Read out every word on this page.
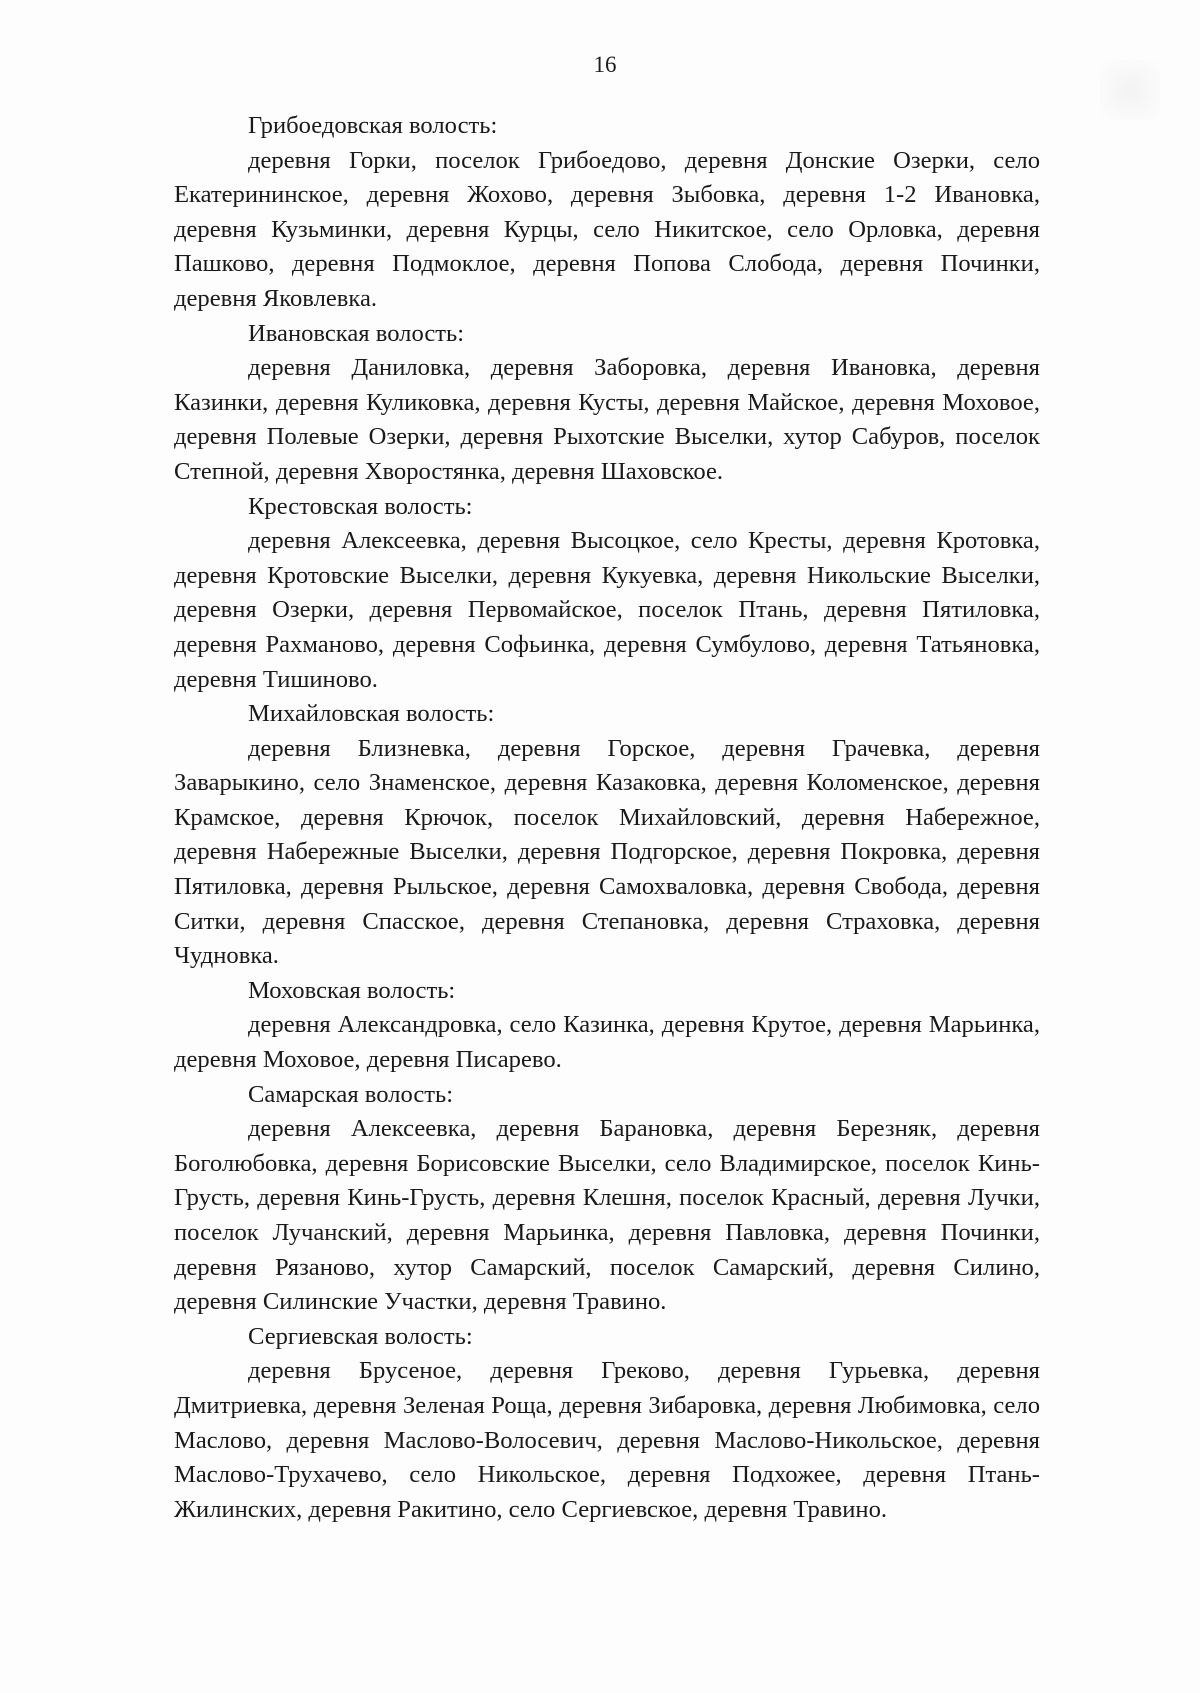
16

Грибоедовская волость:

деревня Горки, поселок Грибоедово, деревня Донские Озерки, село Екатерининское, деревня Жохово, деревня Зыбовка, деревня 1-2 Ивановка, деревня Кузьминки, деревня Курцы, село Никитское, село Орловка, деревня Пашково, деревня Подмоклое, деревня Попова Слобода, деревня Починки, деревня Яковлевка.

Ивановская волость:

деревня Даниловка, деревня Заборовка, деревня Ивановка, деревня Казинки, деревня Куликовка, деревня Кусты, деревня Майское, деревня Моховое, деревня Полевые Озерки, деревня Рыхотские Выселки, хутор Сабуров, поселок Степной, деревня Хворостянка, деревня Шаховское.

Крестовская волость:

деревня Алексеевка, деревня Высоцкое, село Кресты, деревня Кротовка, деревня Кротовские Выселки, деревня Кукуевка, деревня Никольские Выселки, деревня Озерки, деревня Первомайское, поселок Птань, деревня Пятиловка, деревня Рахманово, деревня Софьинка, деревня Сумбулово, деревня Татьяновка, деревня Тишиново.

Михайловская волость:

деревня Близневка, деревня Горское, деревня Грачевка, деревня Заварыкино, село Знаменское, деревня Казаковка, деревня Коломенское, деревня Крамское, деревня Крючок, поселок Михайловский, деревня Набережное, деревня Набережные Выселки, деревня Подгорское, деревня Покровка, деревня Пятиловка, деревня Рыльское, деревня Самохваловка, деревня Свобода, деревня Ситки, деревня Спасское, деревня Степановка, деревня Страховка, деревня Чудновка.

Моховская волость:

деревня Александровка, село Казинка, деревня Крутое, деревня Марьинка, деревня Моховое, деревня Писарево.

Самарская волость:

деревня Алексеевка, деревня Барановка, деревня Березняк, деревня Боголюбовка, деревня Борисовские Выселки, село Владимирское, поселок Кинь-Грусть, деревня Кинь-Грусть, деревня Клешня, поселок Красный, деревня Лучки, поселок Лучанский, деревня Марьинка, деревня Павловка, деревня Починки, деревня Рязаново, хутор Самарский, поселок Самарский, деревня Силино, деревня Силинские Участки, деревня Травино.

Сергиевская волость:

деревня Брусеное, деревня Греково, деревня Гурьевка, деревня Дмитриевка, деревня Зеленая Роща, деревня Зибаровка, деревня Любимовка, село Маслово, деревня Маслово-Волосевич, деревня Маслово-Никольское, деревня Маслово-Трухачево, село Никольское, деревня Подхожее, деревня Птань-Жилинских, деревня Ракитино, село Сергиевское, деревня Травино.
